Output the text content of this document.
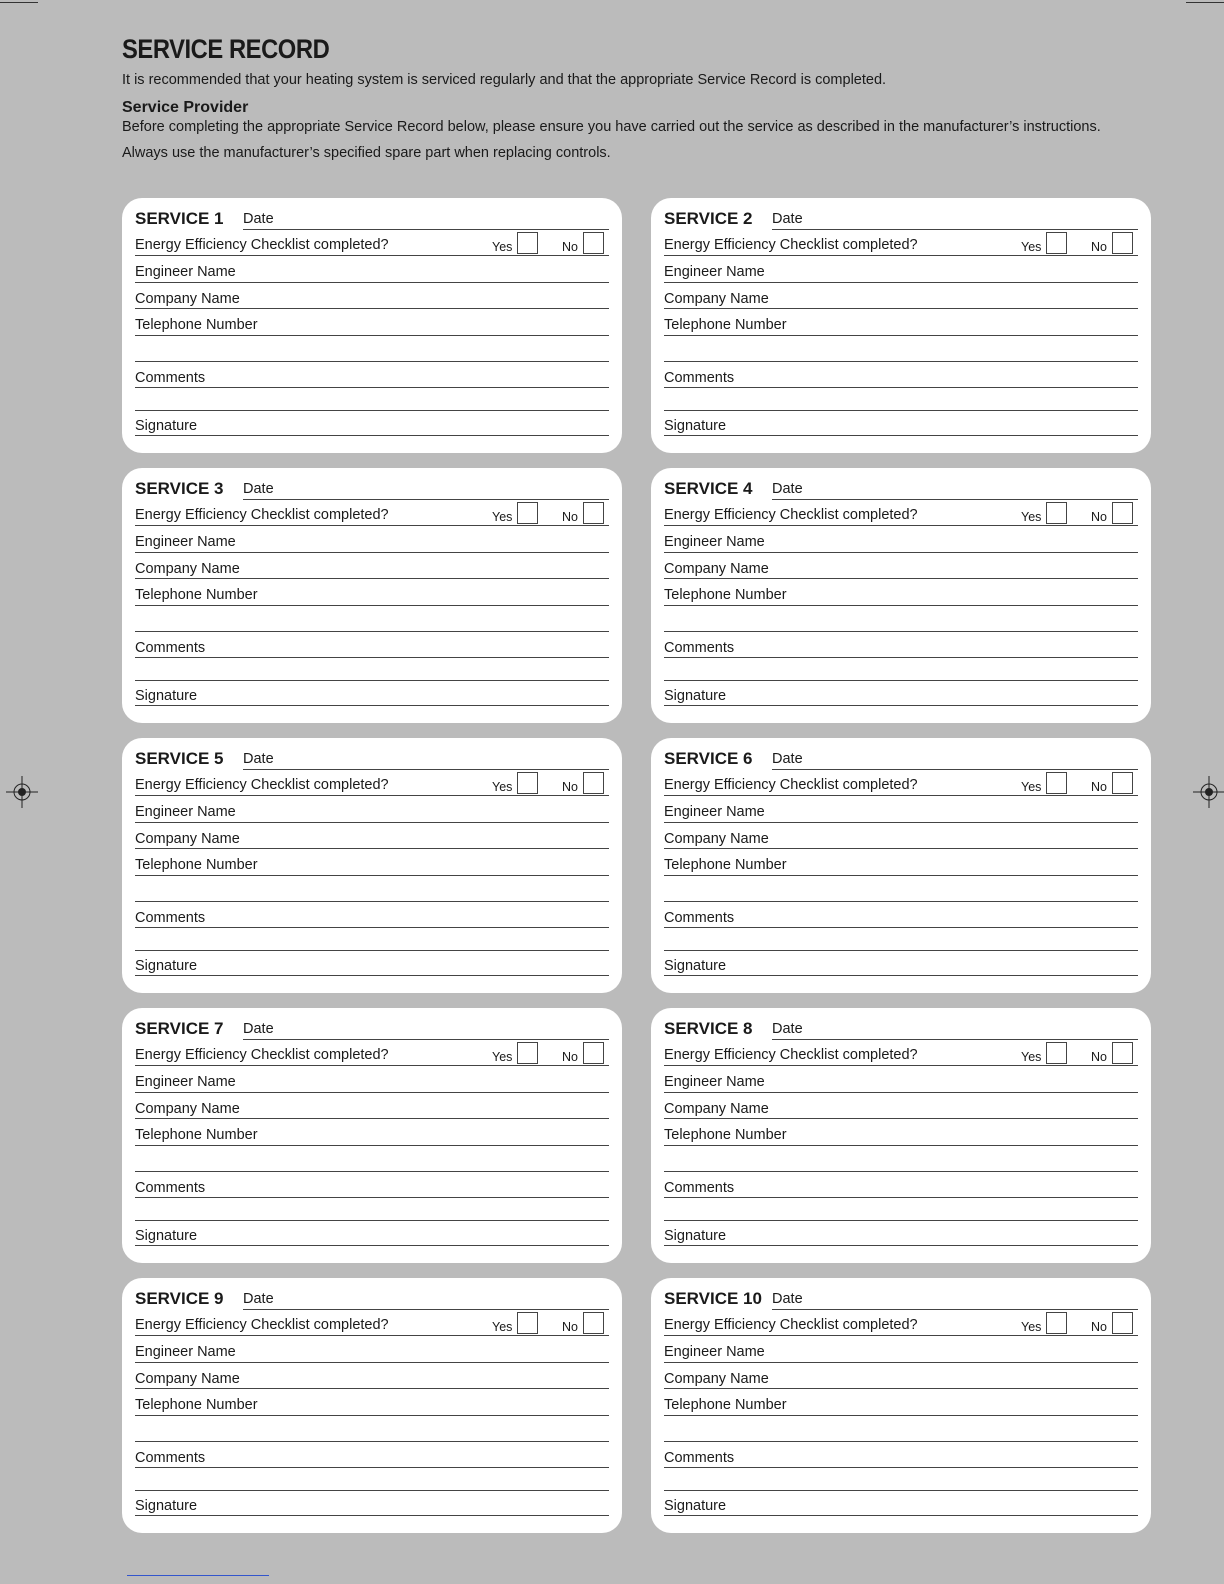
SERVICE RECORD

It is recommended that your heating system is serviced regularly and that the appropriate Service Record is completed.

Service Provider

Before completing the appropriate Service Record below, please ensure you have carried out the service as described in the manufacturer’s instructions.

Always use the manufacturer’s specified spare part when replacing controls.

SERVICE 1 Date
Energy Efficiency Checklist completed?	Yes	No
Engineer Name
Company Name
Telephone Number
Comments
Signature
SERVICE 2 Date
Energy Efficiency Checklist completed?	Yes	No
Engineer Name
Company Name
Telephone Number
Comments
Signature
SERVICE 3 Date
Energy Efficiency Checklist completed?	Yes	No
Engineer Name
Company Name
Telephone Number
Comments
Signature
SERVICE 4 Date
Energy Efficiency Checklist completed?	Yes	No
Engineer Name
Company Name
Telephone Number
Comments
Signature
SERVICE 5 Date
Energy Efficiency Checklist completed?	Yes	No
Engineer Name
Company Name
Telephone Number
Comments
Signature
SERVICE 6 Date
Energy Efficiency Checklist completed?	Yes	No
Engineer Name
Company Name
Telephone Number
Comments
Signature
SERVICE 7 Date
Energy Efficiency Checklist completed?	Yes	No
Engineer Name
Company Name
Telephone Number
Comments
Signature
SERVICE 8 Date
Energy Efficiency Checklist completed?	Yes	No
Engineer Name
Company Name
Telephone Number
Comments
Signature
SERVICE 9 Date
Energy Efficiency Checklist completed?	Yes	No
Engineer Name
Company Name
Telephone Number
Comments
Signature
SERVICE 10 Date
Energy Efficiency Checklist completed?	Yes	No
Engineer Name
Company Name
Telephone Number
Comments
Signature
